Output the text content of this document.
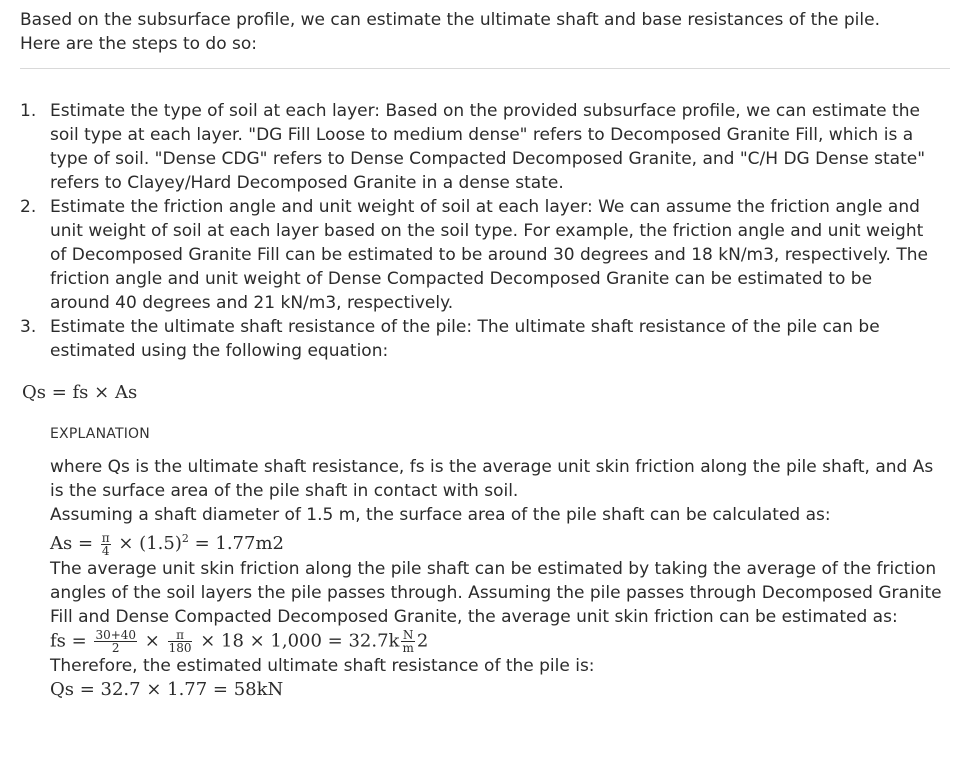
Based on the subsurface profile, we can estimate the ultimate shaft and base resistances of the pile.
Here are the steps to do so:
1. Estimate the type of soil at each layer: Based on the provided subsurface profile, we can estimate the soil type at each layer. "DG Fill Loose to medium dense" refers to Decomposed Granite Fill, which is a type of soil. "Dense CDG" refers to Dense Compacted Decomposed Granite, and "C/H DG Dense state" refers to Clayey/Hard Decomposed Granite in a dense state.
2. Estimate the friction angle and unit weight of soil at each layer: We can assume the friction angle and unit weight of soil at each layer based on the soil type. For example, the friction angle and unit weight of Decomposed Granite Fill can be estimated to be around 30 degrees and 18 kN/m3, respectively. The friction angle and unit weight of Dense Compacted Decomposed Granite can be estimated to be around 40 degrees and 21 kN/m3, respectively.
3. Estimate the ultimate shaft resistance of the pile: The ultimate shaft resistance of the pile can be estimated using the following equation:
Qs = fs × As
EXPLANATION
where Qs is the ultimate shaft resistance, fs is the average unit skin friction along the pile shaft, and As is the surface area of the pile shaft in contact with soil.
Assuming a shaft diameter of 1.5 m, the surface area of the pile shaft can be calculated as:
$As = \frac{\pi}{4} \times (1.5)^2 = 1.77m2$
The average unit skin friction along the pile shaft can be estimated by taking the average of the friction angles of the soil layers the pile passes through. Assuming the pile passes through Decomposed Granite Fill and Dense Compacted Decomposed Granite, the average unit skin friction can be estimated as:
fs = $\frac{30+40}{2} \times \frac{\pi}{180} \times 18 \times 1,000 = 32.7k \frac{N}{m} 2$
Therefore, the estimated ultimate shaft resistance of the pile is:
Qs = 32.7 × 1.77 = 58kN
